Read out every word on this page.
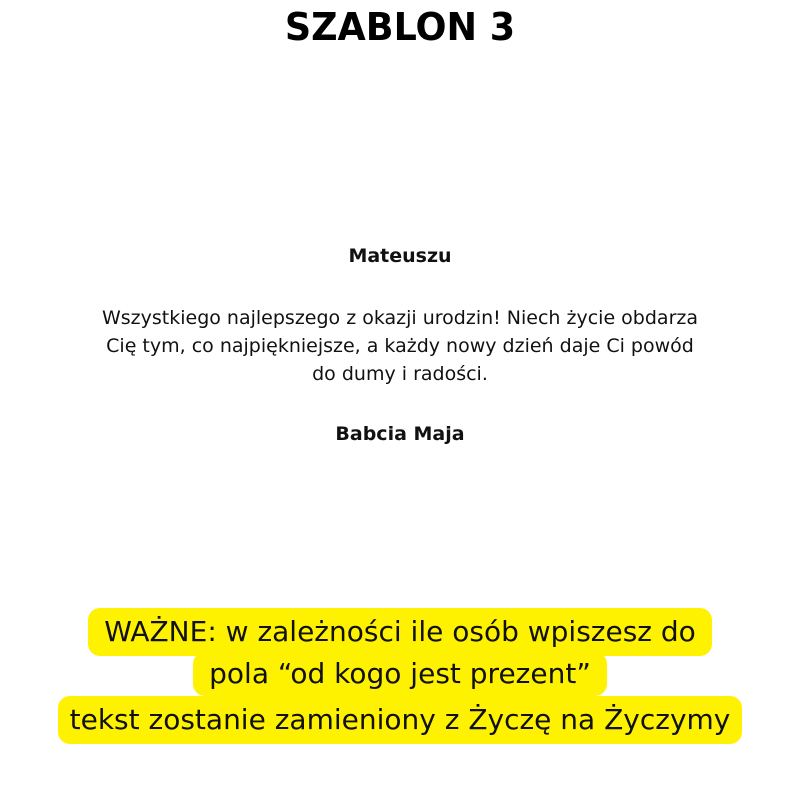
SZABLON 3

Mateuszu

Wszystkiego najlepszego z okazji urodzin! Niech życie obdarza
Cię tym, co najpiękniejsze, a każdy nowy dzień daje Ci powód
do dumy i radości.

Babcia Maja

WAŻNE: w zależności ile osób wpiszesz do
pola “od kogo jest prezent”
tekst zostanie zamieniony z Życzę na Życzymy
